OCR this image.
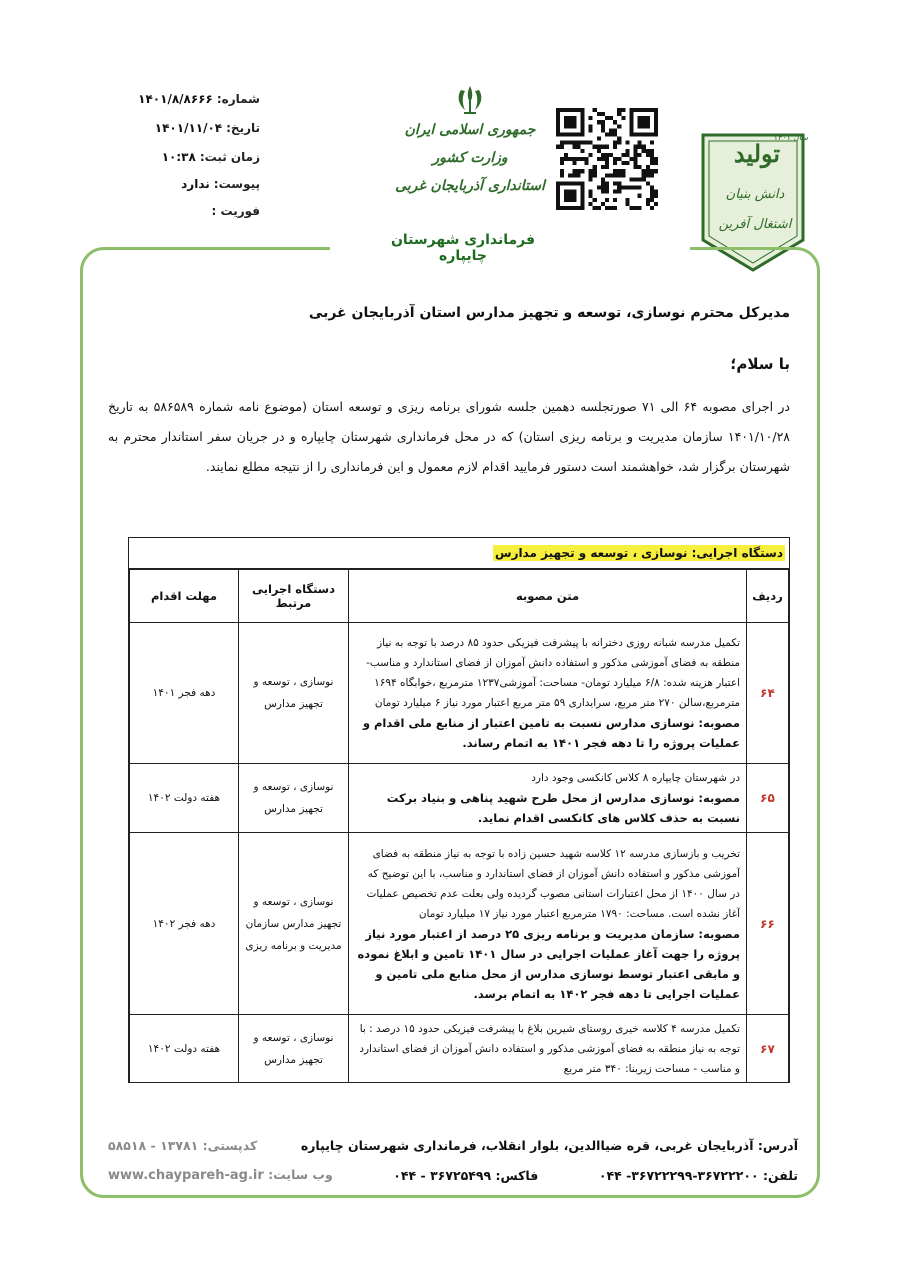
شماره:
۱۴۰۱/۸/۸۶۶۶
تاریخ:
۱۴۰۱/۱۱/۰۴
زمان ثبت:
۱۰:۳۸
پیوست:
ندارد
فوریت :
جمهوری اسلامی ایران
وزارت کشور
استانداری آذربایجان غربی
تولید
سال ۱۴۰۱
دانش بنیان
اشتغال آفرین
فرمانداری شهرستان چایپاره
مدیرکل محترم نوسازی، توسعه و تجهیز مدارس استان آذربایجان غربی
با سلام؛
در اجرای مصوبه ۶۴ الی ۷۱ صورتجلسه دهمین جلسه شورای برنامه ریزی و توسعه استان (موضوع نامه شماره ۵۸۶۵۸۹ به تاریخ ۱۴۰۱/۱۰/۲۸ سازمان مدیریت و برنامه ریزی استان) که در محل فرمانداری شهرستان چایپاره و در جریان سفر استاندار محترم به شهرستان برگزار شد، خواهشمند است دستور فرمایید اقدام لازم معمول و این فرمانداری را از نتیجه مطلع نمایند.
دستگاه اجرایی: نوسازی ، توسعه و تجهیز مدارس
ردیف	متن مصوبه	دستگاه اجرایی مرتبط	مهلت اقدام
۶۴	تکمیل مدرسه شبانه روزی دخترانه با پیشرفت فیزیکی حدود ۸۵ درصد با توجه به نیاز منطقه به فضای آموزشی مذکور و استفاده دانش آموزان از فضای استاندارد و مناسب- اعتبار هزینه شده: ۶/۸ میلیارد تومان- مساحت: آموزشی۱۲۳۷ مترمربع ،خوابگاه ۱۶۹۴ مترمربع،سالن ۲۷۰ متر مربع، سرایداری ۵۹ متر مربع اعتبار مورد نیاز ۶ میلیارد تومان
مصوبه: نوسازی مدارس نسبت به تامین اعتبار از منابع ملی اقدام و عملیات پروژه را تا دهه فجر ۱۴۰۱ به اتمام رساند.	نوسازی ، توسعه و تجهیز مدارس	دهه فجر ۱۴۰۱
۶۵	در شهرستان چایپاره ۸ کلاس کانکسی وجود دارد
مصوبه: نوسازی مدارس از محل طرح شهید پناهی و بنیاد برکت نسبت به حذف کلاس های کانکسی اقدام نماید.	نوسازی ، توسعه و تجهیز مدارس	هفته دولت ۱۴۰۲
۶۶	تخریب و بازسازی مدرسه ۱۲ کلاسه شهید حسین زاده با توجه به نیاز منطقه به فضای آموزشی مذکور و استفاده دانش آموزان از فضای استاندارد و مناسب، با این توضیح که در سال ۱۴۰۰ از محل اعتبارات استانی مصوب گردیده ولی بعلت عدم تخصیص عملیات آغاز نشده است. مساحت: ۱۷۹۰ مترمربع اعتبار مورد نیاز ۱۷ میلیارد تومان
مصوبه: سازمان مدیریت و برنامه ریزی ۲۵ درصد از اعتبار مورد نیاز پروژه را جهت آغاز عملیات اجرایی در سال ۱۴۰۱ تامین و ابلاغ نموده و مابقی اعتبار توسط نوسازی مدارس از محل منابع ملی تامین و عملیات اجرایی تا دهه فجر ۱۴۰۲ به اتمام برسد.	نوسازی ، توسعه و تجهیز مدارس سازمان مدیریت و برنامه ریزی	دهه فجر ۱۴۰۲
۶۷	تکمیل مدرسه ۴ کلاسه خیری روستای شیرین بلاغ با پیشرفت فیزیکی حدود ۱۵ درصد : با توجه به نیاز منطقه به فضای آموزشی مذکور و استفاده دانش آموزان از فضای استاندارد و مناسب - مساحت زیربنا: ۳۴۰ متر مربع	نوسازی ، توسعه و تجهیز مدارس	هفته دولت ۱۴۰۲
آدرس: آذربایجان غربی، قره ضیاالدین، بلوار انقلاب، فرمانداری شهرستان چایپاره
کدپستی: ۱۳۷۸۱ - ۵۸۵۱۸
تلفن: ۳۶۷۲۲۲۰۰-۳۶۷۲۲۲۹۹- ۰۴۴
فاکس: ۳۶۷۲۵۴۹۹ - ۰۴۴
وب سایت: www.chaypareh-ag.ir
